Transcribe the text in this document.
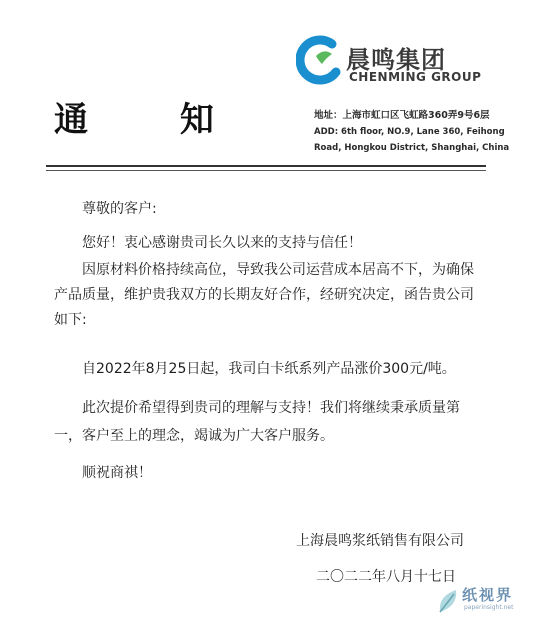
通 知
晨鸣集团
CHENMING GROUP
地址：上海市虹口区飞虹路360弄9号6层
ADD: 6th floor, NO.9, Lane 360, Feihong
Road, Hongkou District, Shanghai, China
尊敬的客户:
您好！衷心感谢贵司长久以来的支持与信任！
因原材料价格持续高位，导致我公司运营成本居高不下，为确保产品质量，维护贵我双方的长期友好合作，经研究决定，函告贵公司如下:
自2022年8月25日起，我司白卡纸系列产品涨价300元/吨。
此次提价希望得到贵司的理解与支持！我们将继续秉承质量第一，客户至上的理念，竭诚为广大客户服务。
顺祝商祺！
上海晨鸣浆纸销售有限公司
二〇二二年八月十七日
纸视界
paperinsight.net
